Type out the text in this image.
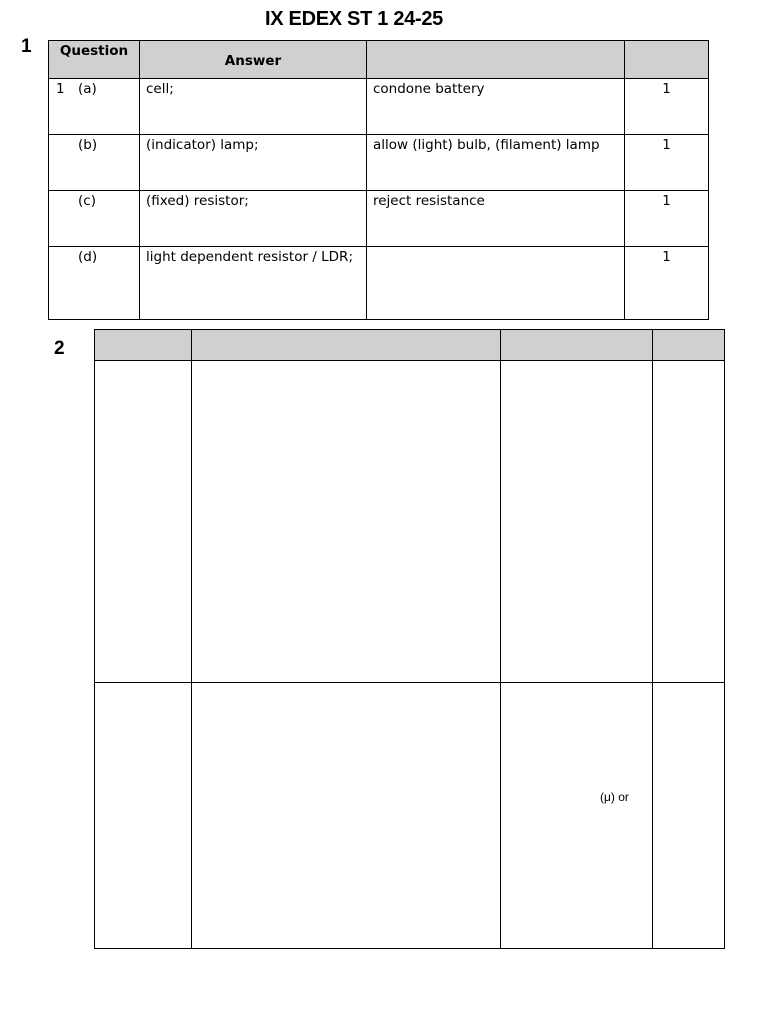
IX EDEX ST 1 24-25
1 Question	Answer		

1 (a)	cell;	condone battery	1

(b)	(indicator) lamp;	allow (light) bulb, (filament) lamp	1

(c)	(fixed) resistor;	reject resistance	1

(d)	light dependent resistor / LDR;		1
2

		(μ) or	
